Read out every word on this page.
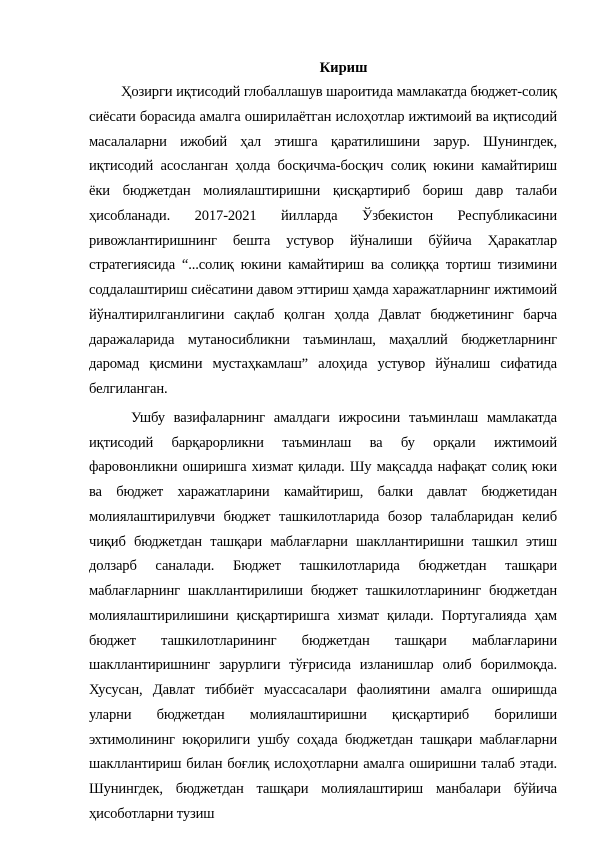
Кириш

Ҳозирги иқтисодий глобаллашув шароитида мамлакатда бюджет-солиқ сиёсати бораcида амалга оширилаётган ислоҳотлар ижтимоий ва иқтисодий масалаларни ижобий ҳал этишга қаратилишини зарур. Шунингдек, иқтисодий асосланган ҳолда босқичма-босқич солиқ юкини камайтириш ёки бюджетдан молиялаштиришни қисқартириб бориш давр талаби ҳисобланади. 2017-2021 йилларда Ўзбекистон Республикасини ривожлантиришнинг бешта устувор йўналиши бўйича Ҳаракатлар стратегиясида “...солиқ юкини камайтириш ва солиққа тортиш тизимини соддалаштириш сиёсатини давом эттириш ҳамда харажатларнинг ижтимоий йўналтирилганлигини сақлаб қолган ҳолда Давлат бюджетининг барча даражаларида мутаносибликни таъминлаш, маҳаллий бюджетларнинг даромад қисмини мустаҳкамлаш” алоҳида устувор йўналиш сифатида белгиланган.

Ушбу вазифаларнинг амалдаги ижросини таъминлаш мамлакатда иқтисодий барқарорликни таъминлаш ва бу орқали ижтимоий фаровонликни оширишга хизмат қилади. Шу мақсадда нафақат солиқ юки ва бюджет харажатларини камайтириш, балки давлат бюджетидан молиялаштирилувчи бюджет ташкилотларида бозор талабларидан келиб чиқиб бюджетдан ташқари маблағларни шакллантиришни ташкил этиш долзарб саналади. Бюджет ташкилотларида бюджетдан ташқари маблағларнинг шакллантирилиши бюджет ташкилотларининг бюджетдан молиялаштирилишини қисқартиришга хизмат қилади. Португалияда ҳам бюджет ташкилотларининг бюджетдан ташқари маблағларини шакллантиришнинг зарурлиги тўғрисида изланишлар олиб борилмоқда. Хусусан, Давлат тиббиёт муассасалари фаолиятини амалга оширишда уларни бюджетдан молиялаштиришни қисқартириб борилиши эхтимолининг юқорилиги ушбу соҳада бюджетдан ташқари маблағларни шакллантириш билан боғлиқ ислоҳотларни амалга оширишни талаб этади. Шунингдек, бюджетдан ташқари молиялаштириш манбалари бўйича ҳисоботларни тузиш
